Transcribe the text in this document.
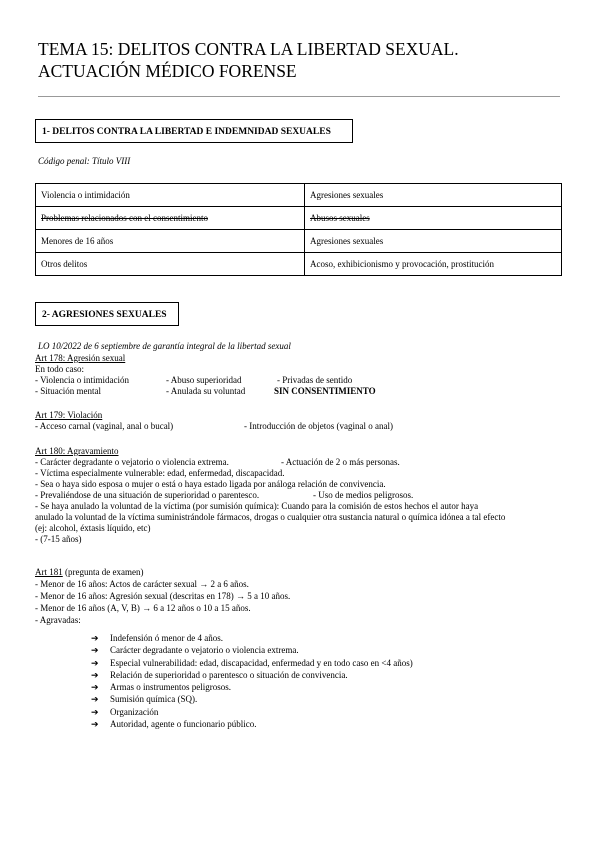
TEMA 15: DELITOS CONTRA LA LIBERTAD SEXUAL.
ACTUACIÓN MÉDICO FORENSE
1- DELITOS CONTRA LA LIBERTAD E INDEMNIDAD SEXUALES
Código penal: Título VIII
Violencia o intimidación	Agresiones sexuales
Problemas relacionados con el consentimiento	Abusos sexuales
Menores de 16 años	Agresiones sexuales
Otros delitos	Acoso, exhibicionismo y provocación, prostitución
2- AGRESIONES SEXUALES
LO 10/2022 de 6 septiembre de garantía integral de la libertad sexual
Art 178: Agresión sexual
En todo caso:
- Violencia o intimidación	- Abuso superioridad	- Privadas de sentido
- Situación mental	- Anulada su voluntad	SIN CONSENTIMIENTO
Art 179: Violación
- Acceso carnal (vaginal, anal o bucal)	- Introducción de objetos (vaginal o anal)
Art 180: Agravamiento
- Carácter degradante o vejatorio o violencia extrema.	- Actuación de 2 o más personas.
- Víctima especialmente vulnerable: edad, enfermedad, discapacidad.
- Sea o haya sido esposa o mujer o está o haya estado ligada por análoga relación de convivencia.
- Prevaliéndose de una situación de superioridad o parentesco.	- Uso de medios peligrosos.
- Se haya anulado la voluntad de la víctima (por sumisión química): Cuando para la comisión de estos hechos el autor haya
anulado la voluntad de la víctima suministrándole fármacos, drogas o cualquier otra sustancia natural o química idónea a tal efecto
(ej: alcohol, éxtasis líquido, etc)
- (7-15 años)
Art 181 (pregunta de examen)
- Menor de 16 años: Actos de carácter sexual → 2 a 6 años.
- Menor de 16 años: Agresión sexual (descritas en 178) → 5 a 10 años.
- Menor de 16 años (A, V, B) → 6 a 12 años o 10 a 15 años.
- Agravadas:
➔ Indefensión ó menor de 4 años.
➔ Carácter degradante o vejatorio o violencia extrema.
➔ Especial vulnerabilidad: edad, discapacidad, enfermedad y en todo caso en <4 años)
➔ Relación de superioridad o parentesco o situación de convivencia.
➔ Armas o instrumentos peligrosos.
➔ Sumisión química (SQ).
➔ Organización
➔ Autoridad, agente o funcionario público.
